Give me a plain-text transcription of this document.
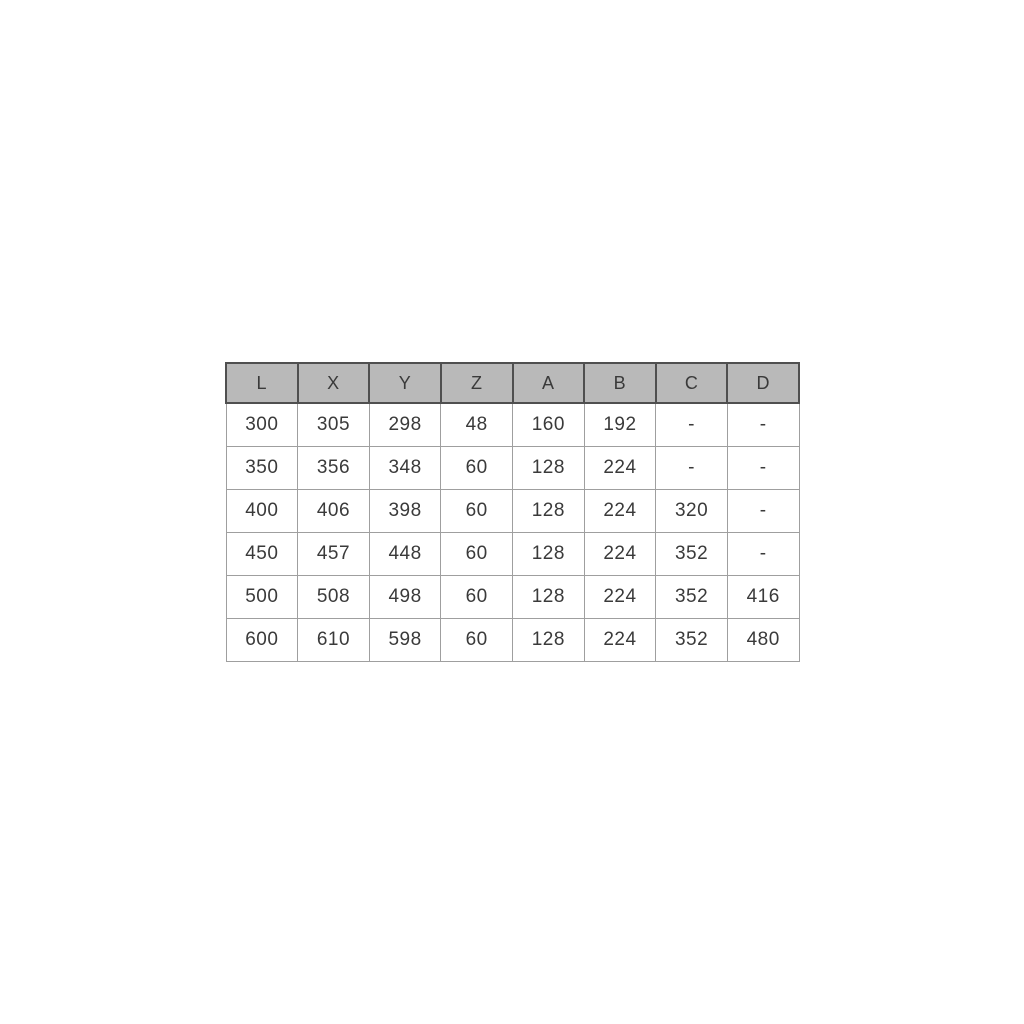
L	X	Y	Z	A	B	C	D
300	305	298	48	160	192	-	-
350	356	348	60	128	224	-	-
400	406	398	60	128	224	320	-
450	457	448	60	128	224	352	-
500	508	498	60	128	224	352	416
600	610	598	60	128	224	352	480
